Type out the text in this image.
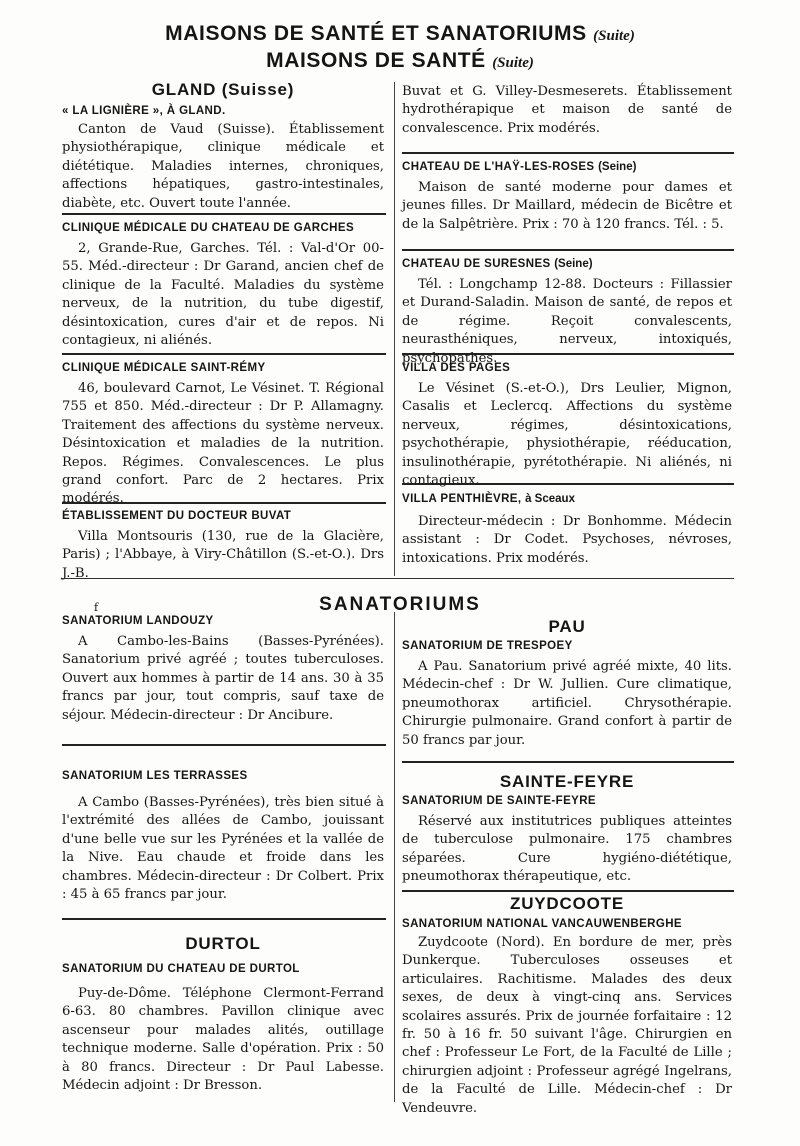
MAISONS DE SANTÉ ET SANATORIUMS (Suite)
MAISONS DE SANTÉ (Suite)
GLAND (Suisse)
« LA LIGNIÈRE », À GLAND.
Canton de Vaud (Suisse). Établissement physiothérapique, clinique médicale et diététique. Maladies internes, chroniques, affections hépatiques, gastro-intestinales, diabète, etc. Ouvert toute l'année.
CLINIQUE MÉDICALE DU CHATEAU DE GARCHES
2, Grande-Rue, Garches. Tél. : Val-d'Or 00-55. Méd.-directeur : Dr Garand, ancien chef de clinique de la Faculté. Maladies du système nerveux, de la nutrition, du tube digestif, désintoxication, cures d'air et de repos. Ni contagieux, ni aliénés.
CLINIQUE MÉDICALE SAINT-RÉMY
46, boulevard Carnot, Le Vésinet. T. Régional 755 et 850. Méd.-directeur : Dr P. Allamagny. Traitement des affections du système nerveux. Désintoxication et maladies de la nutrition. Repos. Régimes. Convalescences. Le plus grand confort. Parc de 2 hectares. Prix modérés.
ÉTABLISSEMENT DU DOCTEUR BUVAT
Villa Montsouris (130, rue de la Glacière, Paris) ; l'Abbaye, à Viry-Châtillon (S.-et-O.). Drs J.-B.
Buvat et G. Villey-Desmeserets. Établissement hydrothérapique et maison de santé de convalescence. Prix modérés.
CHATEAU DE L'HAŸ-LES-ROSES (Seine)
Maison de santé moderne pour dames et jeunes filles. Dr Maillard, médecin de Bicêtre et de la Salpêtrière. Prix : 70 à 120 francs. Tél. : 5.
CHATEAU DE SURESNES (Seine)
Tél. : Longchamp 12-88. Docteurs : Fillassier et Durand-Saladin. Maison de santé, de repos et de régime. Reçoit convalescents, neurasthéniques, nerveux, intoxiqués, psychopathes.
VILLA DES PAGES
Le Vésinet (S.-et-O.), Drs Leulier, Mignon, Casalis et Leclercq. Affections du système nerveux, régimes, désintoxications, psychothérapie, physiothérapie, rééducation, insulinothérapie, pyrétothérapie. Ni aliénés, ni contagieux.
VILLA PENTHIÈVRE, à Sceaux
Directeur-médecin : Dr Bonhomme. Médecin assistant : Dr Codet. Psychoses, névroses, intoxications. Prix modérés.
SANATORIUMS
f
SANATORIUM LANDOUZY
A Cambo-les-Bains (Basses-Pyrénées). Sanatorium privé agréé ; toutes tuberculoses. Ouvert aux hommes à partir de 14 ans. 30 à 35 francs par jour, tout compris, sauf taxe de séjour. Médecin-directeur : Dr Ancibure.
SANATORIUM LES TERRASSES
A Cambo (Basses-Pyrénées), très bien situé à l'extrémité des allées de Cambo, jouissant d'une belle vue sur les Pyrénées et la vallée de la Nive. Eau chaude et froide dans les chambres. Médecin-directeur : Dr Colbert. Prix : 45 à 65 francs par jour.
DURTOL
SANATORIUM DU CHATEAU DE DURTOL
Puy-de-Dôme. Téléphone Clermont-Ferrand 6-63. 80 chambres. Pavillon clinique avec ascenseur pour malades alités, outillage technique moderne. Salle d'opération. Prix : 50 à 80 francs. Directeur : Dr Paul Labesse. Médecin adjoint : Dr Bresson.
PAU
SANATORIUM DE TRESPOEY
A Pau. Sanatorium privé agréé mixte, 40 lits. Médecin-chef : Dr W. Jullien. Cure climatique, pneumothorax artificiel. Chrysothérapie. Chirurgie pulmonaire. Grand confort à partir de 50 francs par jour.
SAINTE-FEYRE
SANATORIUM DE SAINTE-FEYRE
Réservé aux institutrices publiques atteintes de tuberculose pulmonaire. 175 chambres séparées. Cure hygiéno-diététique, pneumothorax thérapeutique, etc.
ZUYDCOOTE
SANATORIUM NATIONAL VANCAUWENBERGHE
Zuydcoote (Nord). En bordure de mer, près Dunkerque. Tuberculoses osseuses et articulaires. Rachitisme. Malades des deux sexes, de deux à vingt-cinq ans. Services scolaires assurés. Prix de journée forfaitaire : 12 fr. 50 à 16 fr. 50 suivant l'âge. Chirurgien en chef : Professeur Le Fort, de la Faculté de Lille ; chirurgien adjoint : Professeur agrégé Ingelrans, de la Faculté de Lille. Médecin-chef : Dr Vendeuvre.
